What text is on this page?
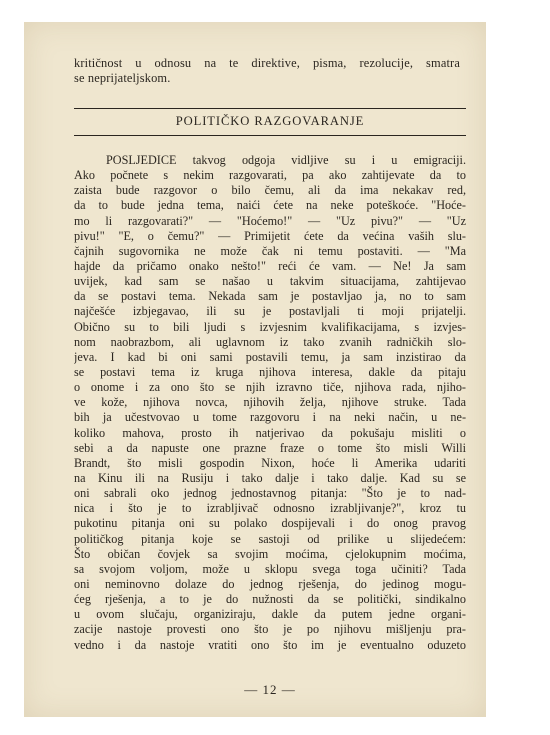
kritičnost u odnosu na te direktive, pisma, rezolucije, smatra
se neprijateljskom.
POLITIČKO RAZGOVARANJE
POSLJEDICE takvog odgoja vidljive su i u emigraciji.
Ako počnete s nekim razgovarati, pa ako zahtijevate da to
zaista bude razgovor o bilo čemu, ali da ima nekakav red,
da to bude jedna tema, naići ćete na neke poteškoće. "Hoće-
mo li razgovarati?" — "Hoćemo!" — "Uz pivu?" — "Uz
pivu!" "E, o čemu?" — Primijetit ćete da većina vaših slu-
čajnih sugovornika ne može čak ni temu postaviti. — "Ma
hajde da pričamo onako nešto!" reći će vam. — Ne! Ja sam
uvijek, kad sam se našao u takvim situacijama, zahtijevao
da se postavi tema. Nekada sam je postavljao ja, no to sam
najčešće izbjegavao, ili su je postavljali ti moji prijatelji.
Obično su to bili ljudi s izvjesnim kvalifikacijama, s izvjes-
nom naobrazbom, ali uglavnom iz tako zvanih radničkih slo-
jeva. I kad bi oni sami postavili temu, ja sam inzistirao da
se postavi tema iz kruga njihova interesa, dakle da pitaju
o onome i za ono što se njih izravno tiče, njihova rada, njiho-
ve kože, njihova novca, njihovih želja, njihove struke. Tada
bih ja učestvovao u tome razgovoru i na neki način, u ne-
koliko mahova, prosto ih natjerivao da pokušaju misliti o
sebi a da napuste one prazne fraze o tome što misli Willi
Brandt, što misli gospodin Nixon, hoće li Amerika udariti
na Kinu ili na Rusiju i tako dalje i tako dalje. Kad su se
oni sabrali oko jednog jednostavnog pitanja: "Što je to nad-
nica i što je to izrabljivač odnosno izrabljivanje?", kroz tu
pukotinu pitanja oni su polako dospijevali i do onog pravog
političkog pitanja koje se sastoji od prilike u slijedećem:
Što običan čovjek sa svojim moćima, cjelokupnim moćima,
sa svojom voljom, može u sklopu svega toga učiniti? Tada
oni neminovno dolaze do jednog rješenja, do jedinog mogu-
ćeg rješenja, a to je do nužnosti da se politički, sindikalno
u ovom slučaju, organiziraju, dakle da putem jedne organi-
zacije nastoje provesti ono što je po njihovu mišljenju pra-
vedno i da nastoje vratiti ono što im je eventualno oduzeto
— 12 —
